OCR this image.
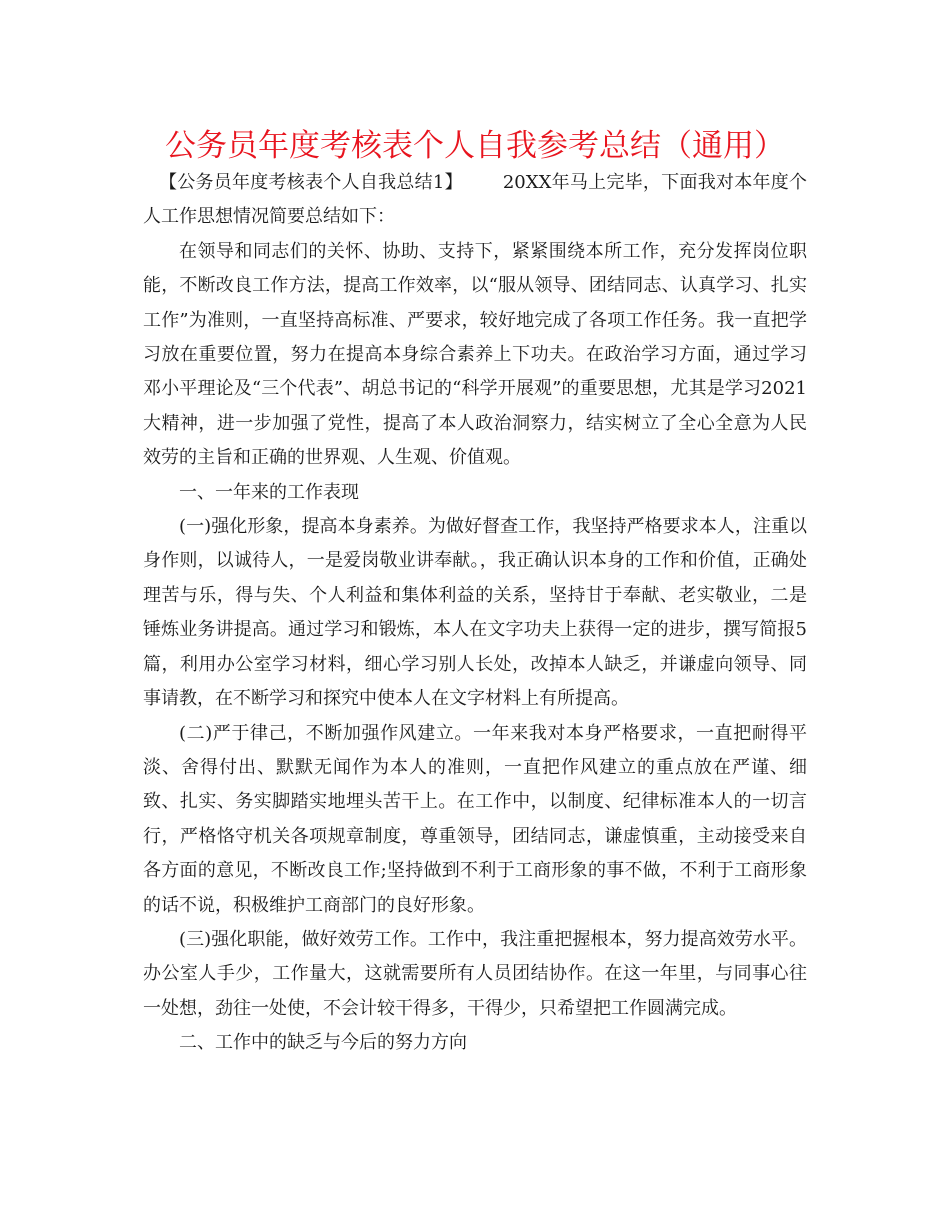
公务员年度考核表个人自我参考总结（通用）

【公务员年度考核表个人自我总结1】 20XX年马上完毕，下面我对本年度个人工作思想情况简要总结如下：

在领导和同志们的关怀、协助、支持下，紧紧围绕本所工作，充分发挥岗位职能，不断改良工作方法，提高工作效率，以“服从领导、团结同志、认真学习、扎实工作”为准则，一直坚持高标准、严要求，较好地完成了各项工作任务。我一直把学习放在重要位置，努力在提高本身综合素养上下功夫。在政治学习方面，通过学习邓小平理论及“三个代表”、胡总书记的“科学开展观”的重要思想，尤其是学习2021大精神，进一步加强了党性，提高了本人政治洞察力，结实树立了全心全意为人民效劳的主旨和正确的世界观、人生观、价值观。

一、一年来的工作表现

(一)强化形象，提高本身素养。为做好督查工作，我坚持严格要求本人，注重以身作则，以诚待人，一是爱岗敬业讲奉献。，我正确认识本身的工作和价值，正确处理苦与乐，得与失、个人利益和集体利益的关系，坚持甘于奉献、老实敬业，二是锤炼业务讲提高。通过学习和锻炼，本人在文字功夫上获得一定的进步，撰写简报5篇，利用办公室学习材料，细心学习别人长处，改掉本人缺乏，并谦虚向领导、同事请教，在不断学习和探究中使本人在文字材料上有所提高。

(二)严于律己，不断加强作风建立。一年来我对本身严格要求，一直把耐得平淡、舍得付出、默默无闻作为本人的准则，一直把作风建立的重点放在严谨、细致、扎实、务实脚踏实地埋头苦干上。在工作中，以制度、纪律标准本人的一切言行，严格恪守机关各项规章制度，尊重领导，团结同志，谦虚慎重，主动接受来自各方面的意见，不断改良工作;坚持做到不利于工商形象的事不做，不利于工商形象的话不说，积极维护工商部门的良好形象。

(三)强化职能，做好效劳工作。工作中，我注重把握根本，努力提高效劳水平。办公室人手少，工作量大，这就需要所有人员团结协作。在这一年里，与同事心往一处想，劲往一处使，不会计较干得多，干得少，只希望把工作圆满完成。

二、工作中的缺乏与今后的努力方向
